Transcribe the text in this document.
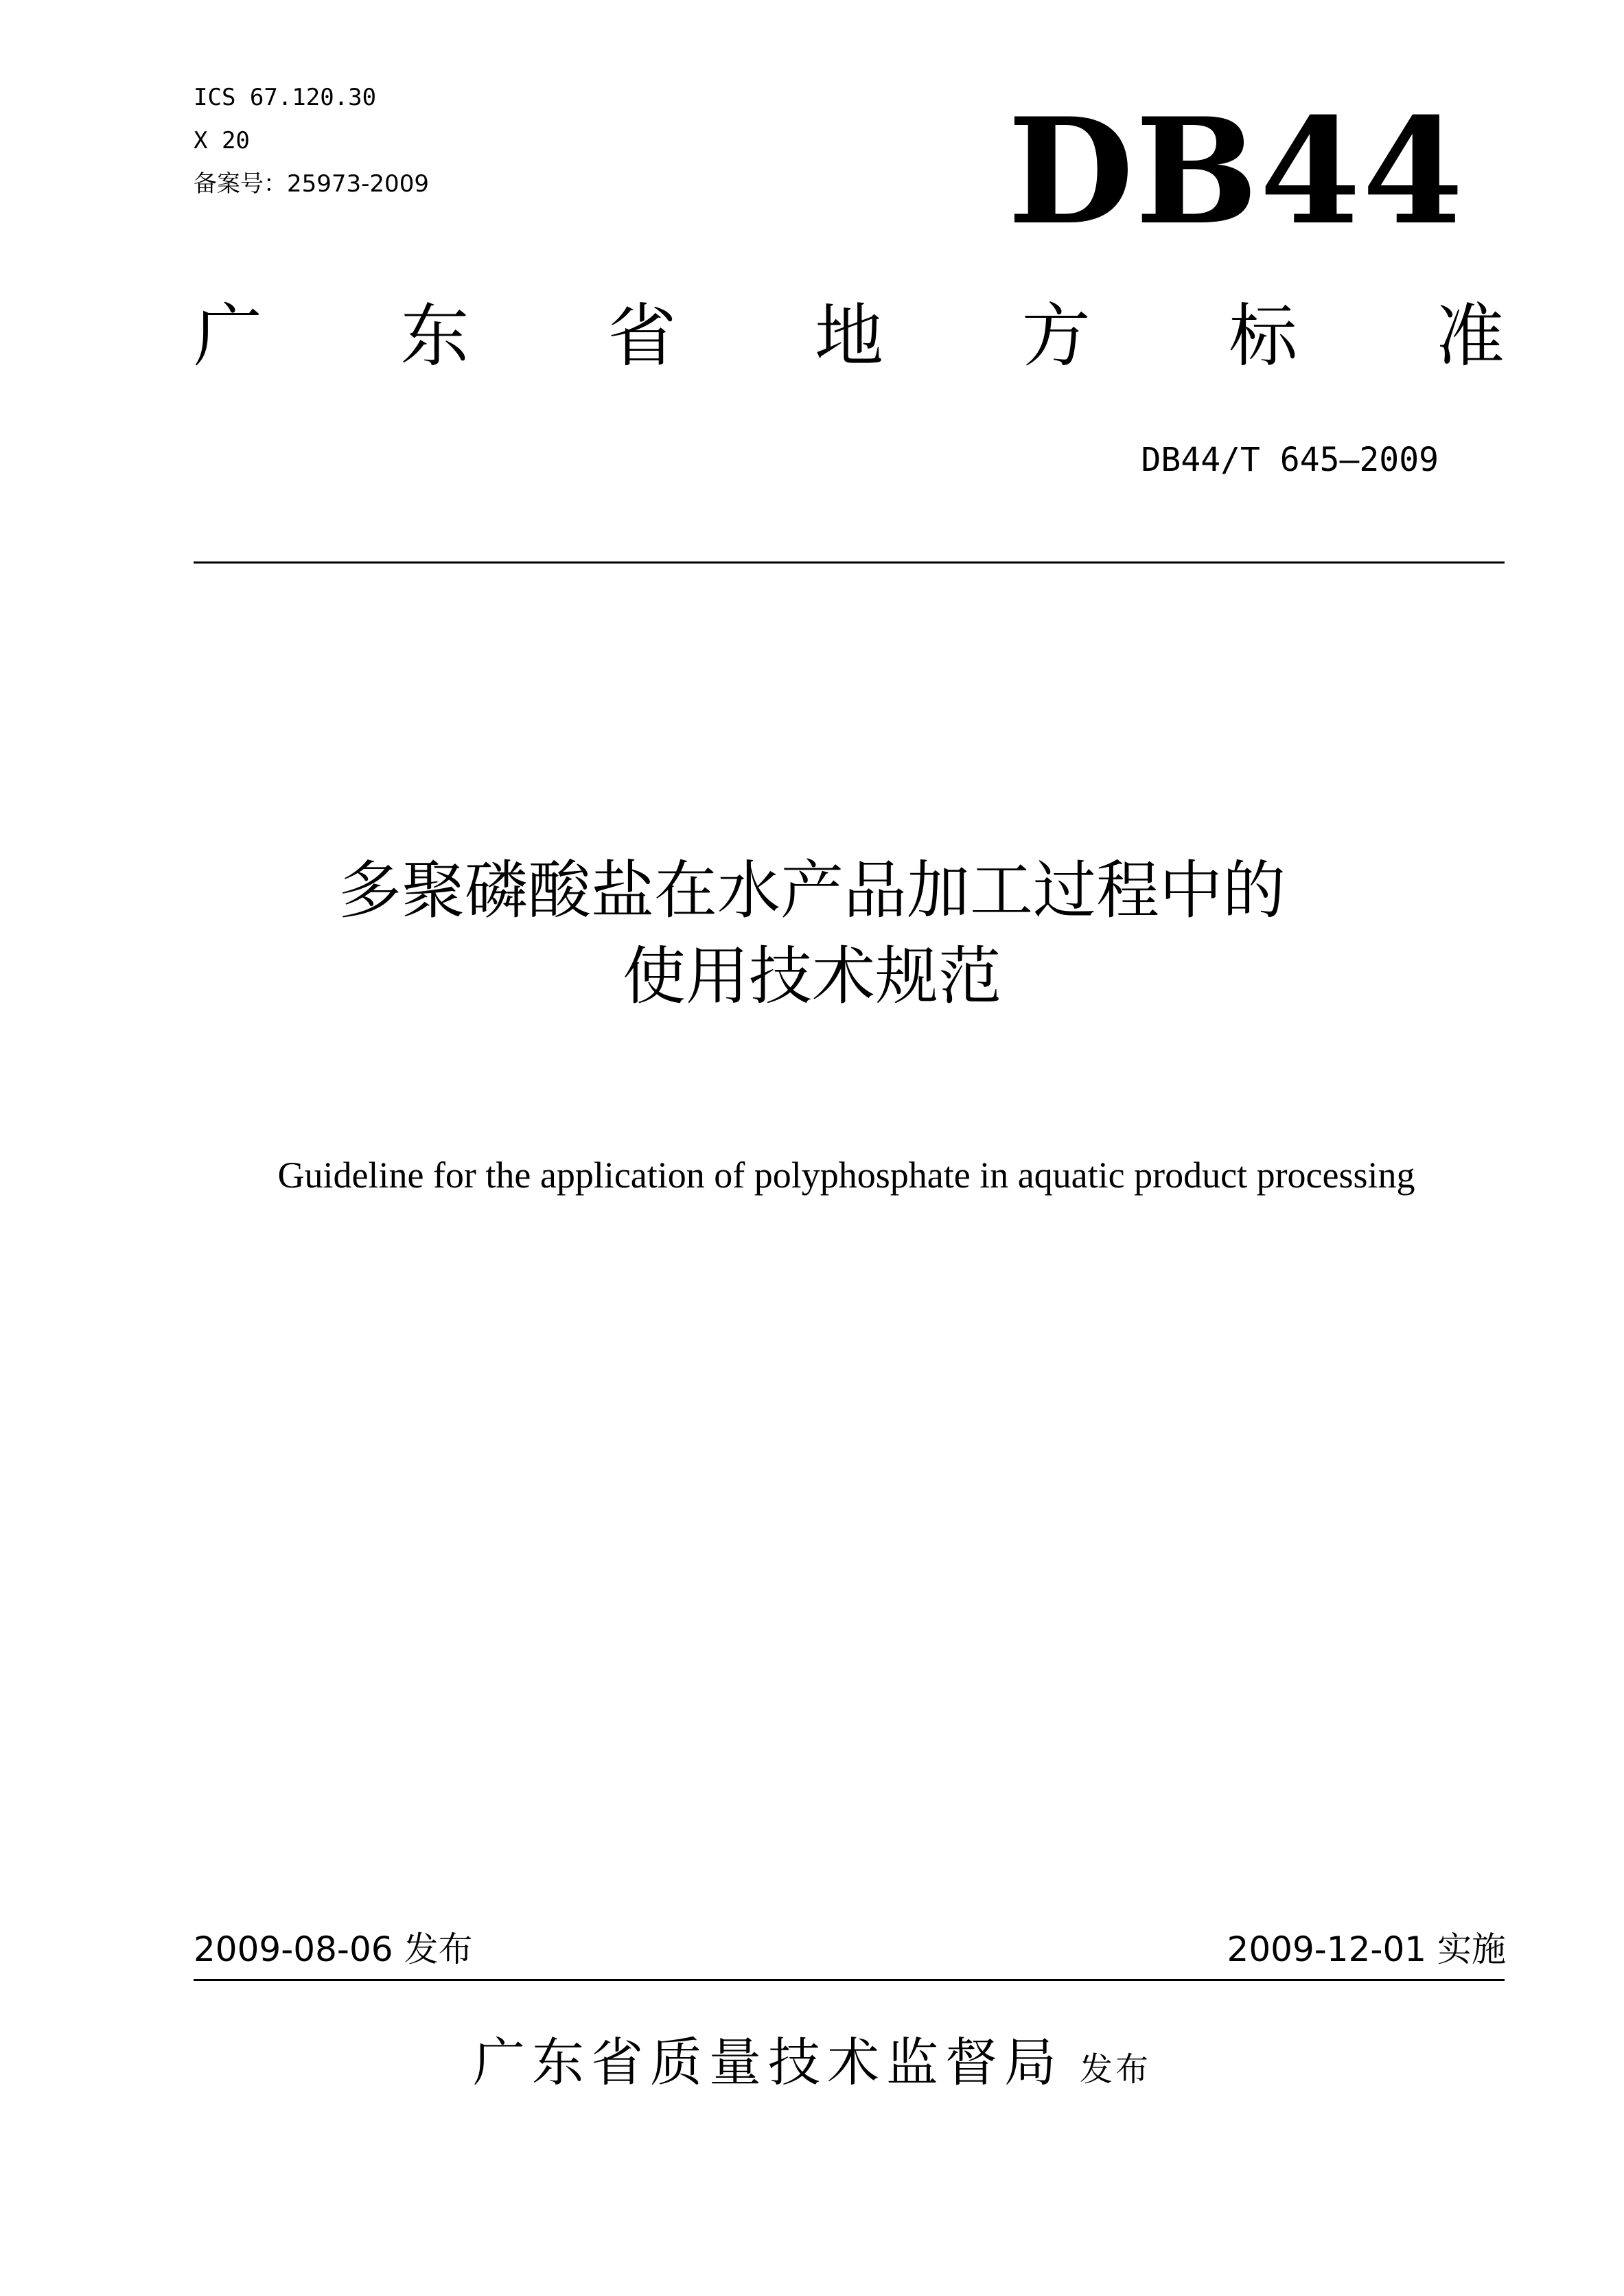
ICS 67.120.30
X 20
备案号：25973-2009	DB44
广 东 省 地 方 标 准
DB44/T 645—2009
多聚磷酸盐在水产品加工过程中的
使用技术规范
Guideline for the application of polyphosphate in aquatic product processing
2009-08-06 发布	2009-12-01 实施
广东省质量技术监督局 发布
